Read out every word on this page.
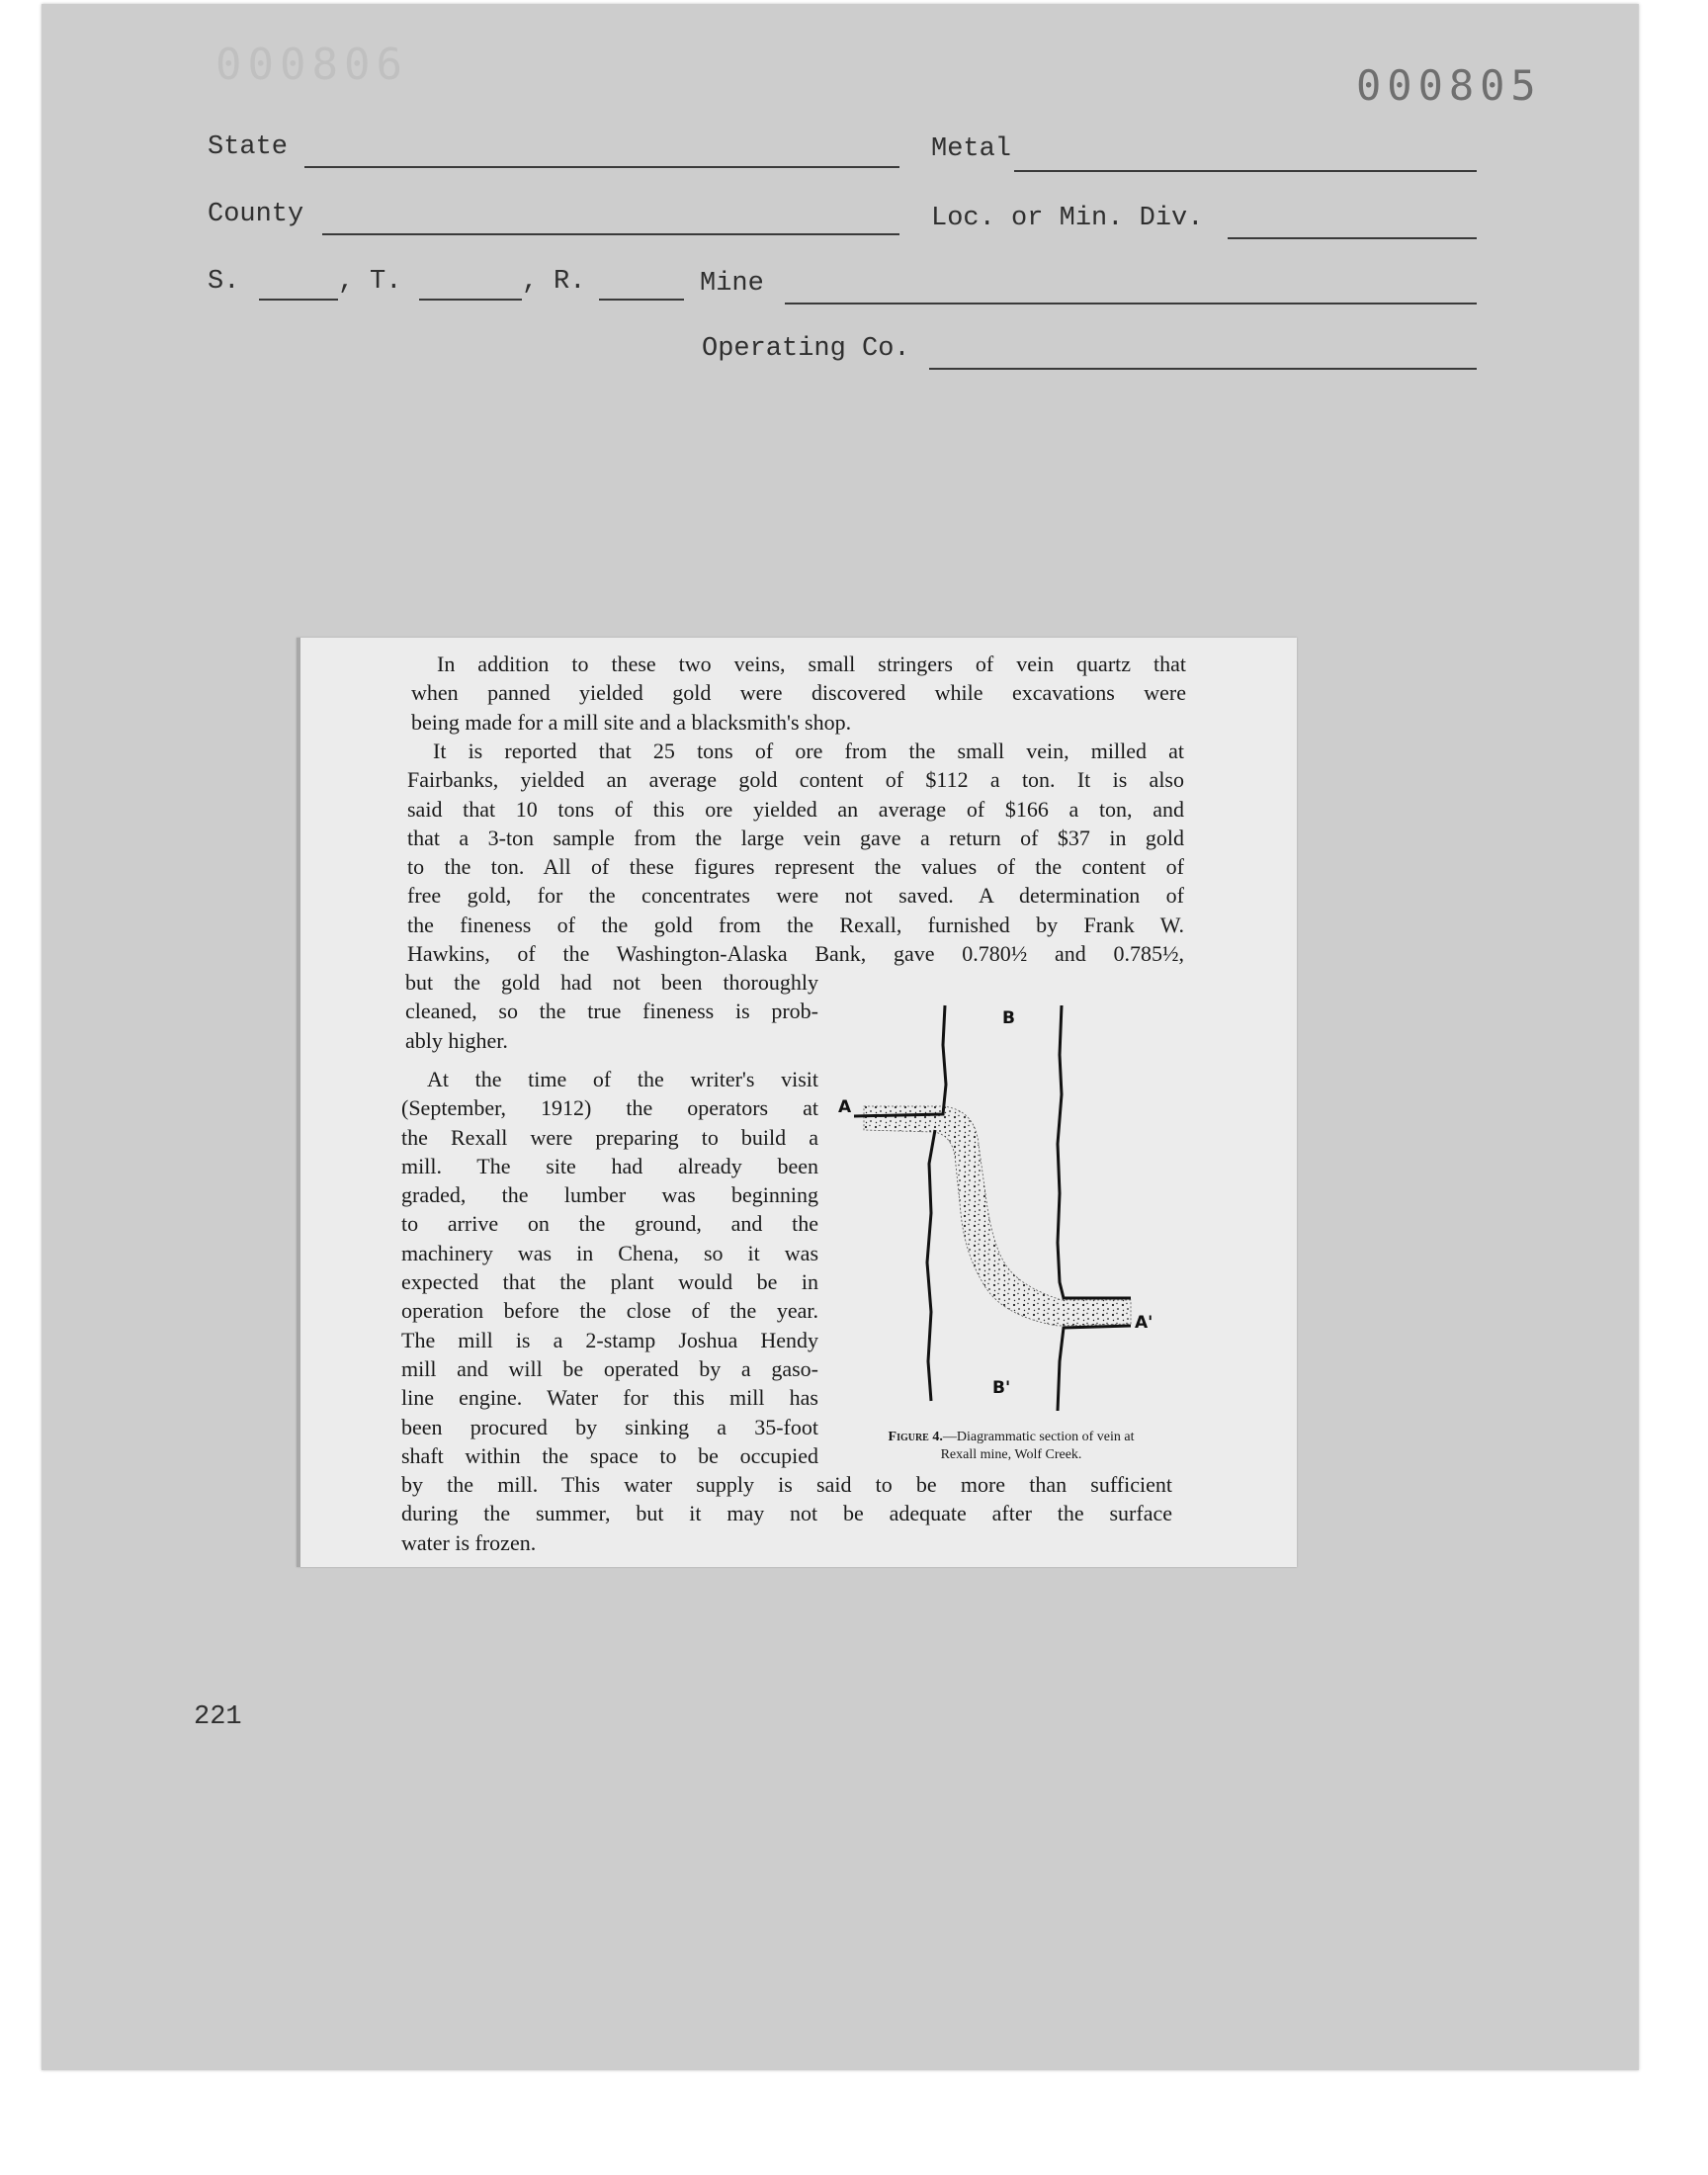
000806	000805
State	Metal
County	Loc. or Min. Div.
S.	, T.	, R.	Mine
Operating Co.
In addition to these two veins, small stringers of vein quartz that
when panned yielded gold were discovered while excavations were
being made for a mill site and a blacksmith's shop.
It is reported that 25 tons of ore from the small vein, milled at
Fairbanks, yielded an average gold content of $112 a ton. It is also
said that 10 tons of this ore yielded an average of $166 a ton, and
that a 3-ton sample from the large vein gave a return of $37 in gold
to the ton. All of these figures represent the values of the content of
free gold, for the concentrates were not saved. A determination of
the fineness of the gold from the Rexall, furnished by Frank W.
Hawkins, of the Washington-Alaska Bank, gave 0.780½ and 0.785½,
but the gold had not been thoroughly
cleaned, so the true fineness is prob-
ably higher.
At the time of the writer's visit
(September, 1912) the operators at
the Rexall were preparing to build a
mill. The site had already been
graded, the lumber was beginning
to arrive on the ground, and the
machinery was in Chena, so it was
expected that the plant would be in
operation before the close of the year.
The mill is a 2-stamp Joshua Hendy
mill and will be operated by a gaso-
line engine. Water for this mill has
been procured by sinking a 35-foot
shaft within the space to be occupied
by the mill. This water supply is said to be more than sufficient
during the summer, but it may not be adequate after the surface
water is frozen.
B
A
A'
B'
Figure 4.—Diagrammatic section of vein at
Rexall mine, Wolf Creek.
221
